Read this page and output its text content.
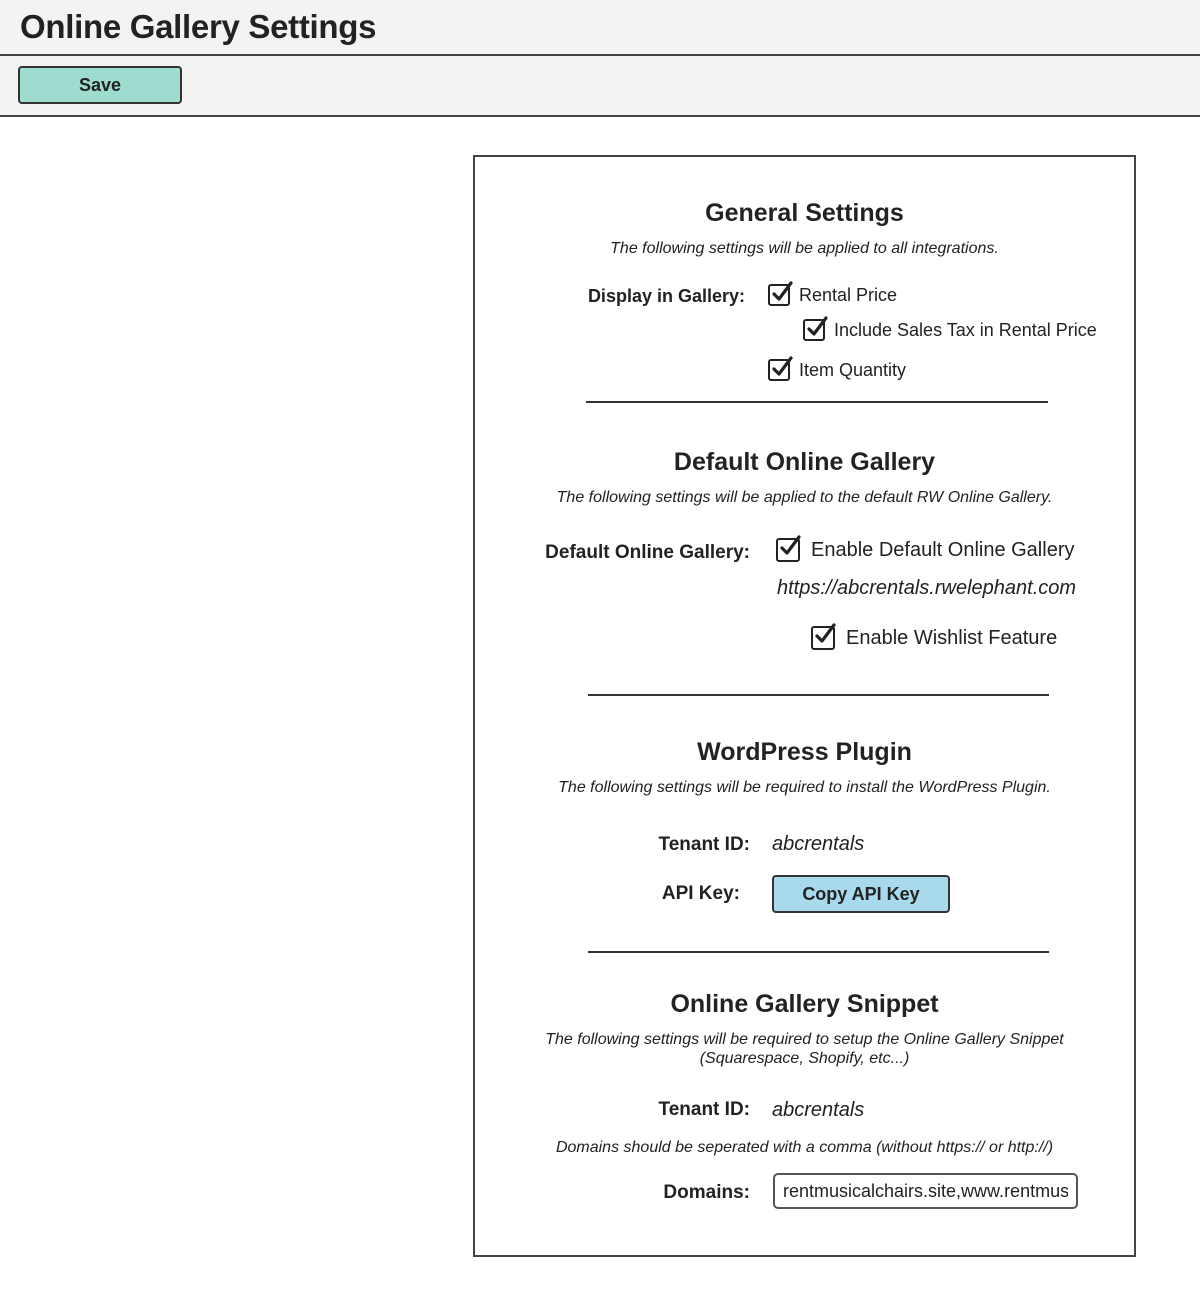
Online Gallery Settings
Save
General Settings
The following settings will be applied to all integrations.
Display in Gallery:	Rental Price
Include Sales Tax in Rental Price
Item Quantity
Default Online Gallery
The following settings will be applied to the default RW Online Gallery.
Default Online Gallery:	Enable Default Online Gallery
https://abcrentals.rwelephant.com
Enable Wishlist Feature
WordPress Plugin
The following settings will be required to install the WordPress Plugin.
Tenant ID: abcrentals
API Key:	Copy API Key
Online Gallery Snippet
The following settings will be required to setup the Online Gallery Snippet
(Squarespace, Shopify, etc...)
Tenant ID: abcrentals
Domains should be seperated with a comma (without https:// or http://)
Domains:
rentmusicalchairs.site,www.rentmusicalchairs.site
